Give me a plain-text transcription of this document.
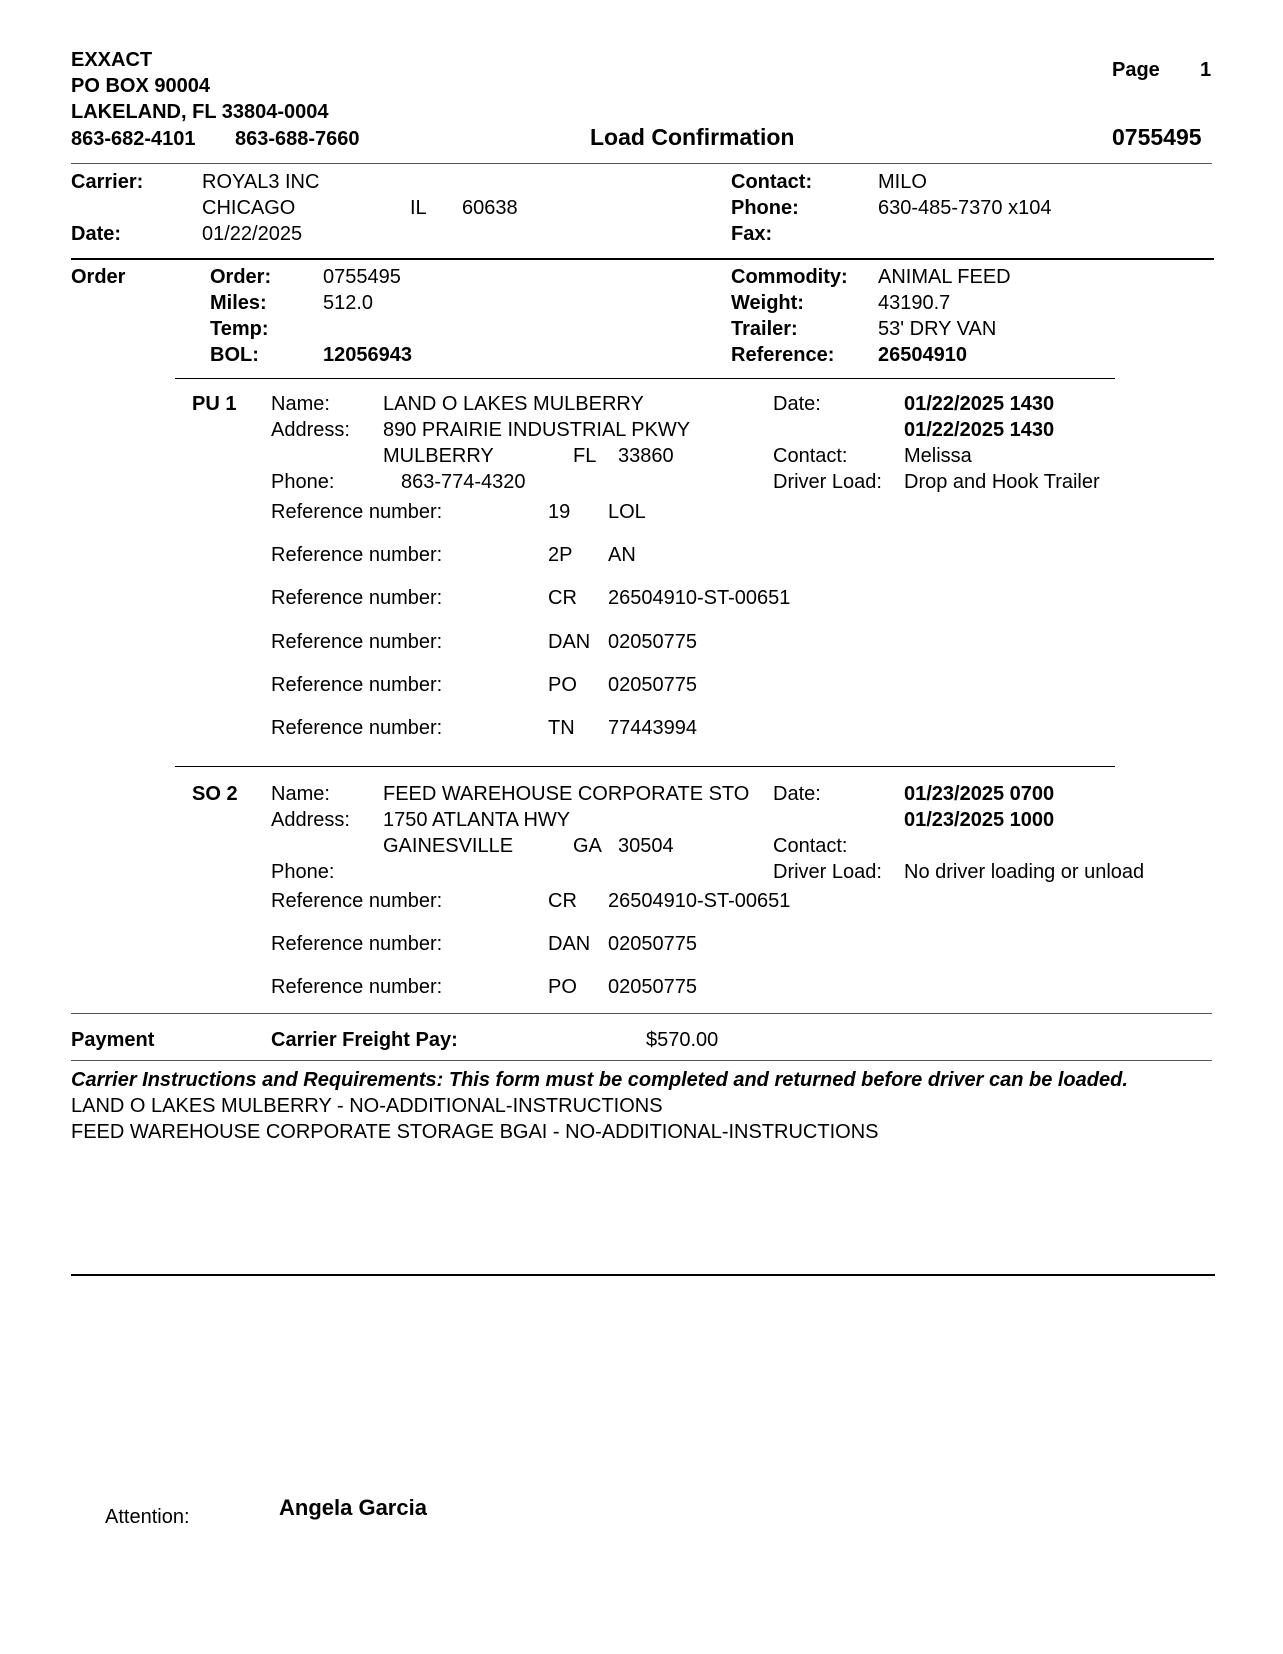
EXXACT
PO BOX 90004
LAKELAND, FL 33804-0004
863-682-4101 863-688-7660
Page 1
Load Confirmation	0755495
Carrier:	ROYAL3 INC
CHICAGO	IL 60638
Date:	01/22/2025
Contact:	MILO
Phone:	630-485-7370 x104
Fax:
Order	Order:	0755495
Miles:	512.0
Temp:
BOL:	12056943
Commodity: ANIMAL FEED
Weight:	43190.7
Trailer:	53' DRY VAN
Reference: 26504910
PU 1 Name:	LAND O LAKES MULBERRY
Address: 890 PRAIRIE INDUSTRIAL PKWY
MULBERRY	FL 33860
Phone:	863-774-4320
Date:	01/22/2025 1430
01/22/2025 1430
Contact:	Melissa
Driver Load: Drop and Hook Trailer
Reference number:	19 LOL
Reference number:	2P AN
Reference number:	CR 26504910-ST-00651
Reference number:	DAN 02050775
Reference number:	PO 02050775
Reference number:	TN 77443994
SO 2 Name:	FEED WAREHOUSE CORPORATE STO
Address: 1750 ATLANTA HWY
GAINESVILLE	GA 30504
Phone:
Date:	01/23/2025 0700
01/23/2025 1000
Contact:
Driver Load: No driver loading or unload
Reference number:	CR 26504910-ST-00651
Reference number:	DAN 02050775
Reference number:	PO 02050775
Payment	Carrier Freight Pay:	$570.00
Carrier Instructions and Requirements: This form must be completed and returned before driver can be loaded.
LAND O LAKES MULBERRY - NO-ADDITIONAL-INSTRUCTIONS
FEED WAREHOUSE CORPORATE STORAGE BGAI - NO-ADDITIONAL-INSTRUCTIONS
Attention:	Angela Garcia
